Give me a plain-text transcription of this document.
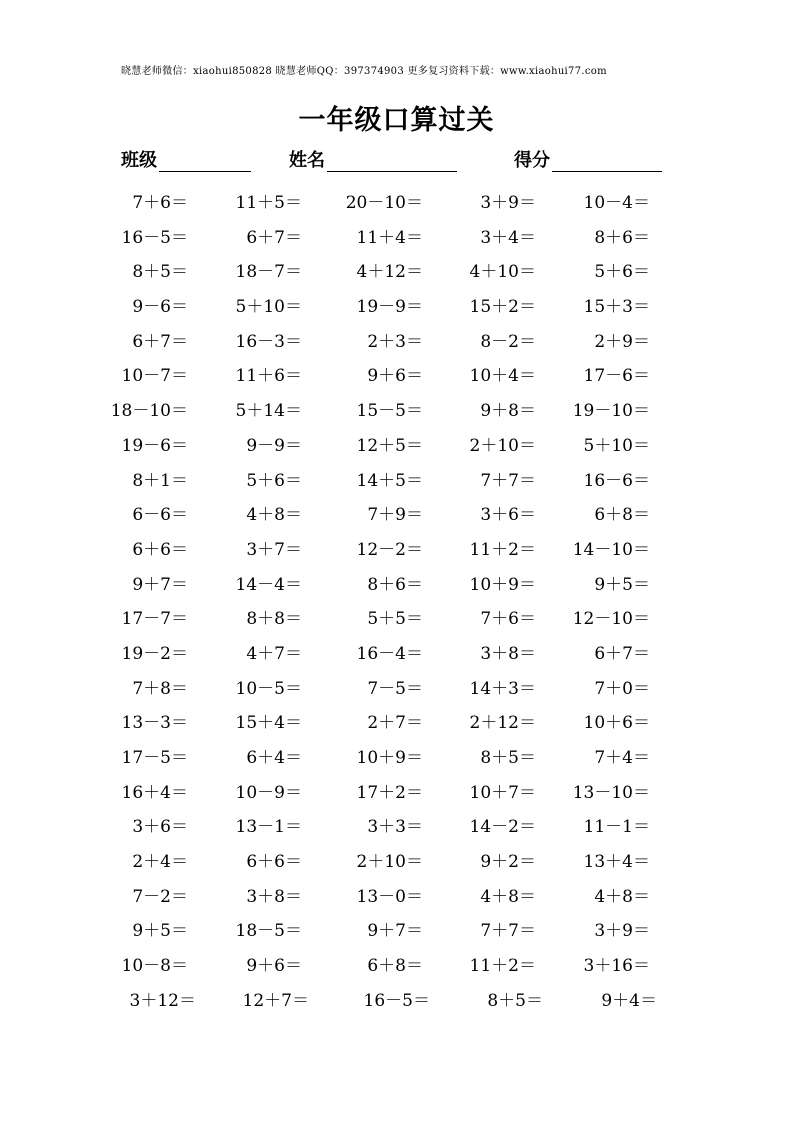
晓慧老师微信：xiaohui850828 晓慧老师QQ：397374903 更多复习资料下载：www.xiaohui77.com
一年级口算过关
班级	姓名	得分
7＋6＝	11＋5＝	20－10＝	3＋9＝	10－4＝
16－5＝	6＋7＝	11＋4＝	3＋4＝	8＋6＝
8＋5＝	18－7＝	4＋12＝	4＋10＝	5＋6＝
9－6＝	5＋10＝	19－9＝	15＋2＝	15＋3＝
6＋7＝	16－3＝	2＋3＝	8－2＝	2＋9＝
10－7＝	11＋6＝	9＋6＝	10＋4＝	17－6＝
18－10＝	5＋14＝	15－5＝	9＋8＝ 19－10＝
19－6＝	9－9＝	12＋5＝	2＋10＝	5＋10＝
8＋1＝	5＋6＝	14＋5＝	7＋7＝	16－6＝
6－6＝	4＋8＝	7＋9＝	3＋6＝	6＋8＝
6＋6＝	3＋7＝	12－2＝	11＋2＝ 14－10＝
9＋7＝	14－4＝	8＋6＝	10＋9＝	9＋5＝
17－7＝	8＋8＝	5＋5＝	7＋6＝ 12－10＝
19－2＝	4＋7＝	16－4＝	3＋8＝	6＋7＝
7＋8＝	10－5＝	7－5＝	14＋3＝	7＋0＝
13－3＝	15＋4＝	2＋7＝	2＋12＝	10＋6＝
17－5＝	6＋4＝	10＋9＝	8＋5＝	7＋4＝
16＋4＝	10－9＝	17＋2＝	10＋7＝ 13－10＝
3＋6＝	13－1＝	3＋3＝	14－2＝	11－1＝
2＋4＝	6＋6＝	2＋10＝	9＋2＝	13＋4＝
7－2＝	3＋8＝	13－0＝	4＋8＝	4＋8＝
9＋5＝	18－5＝	9＋7＝	7＋7＝	3＋9＝
10－8＝	9＋6＝	6＋8＝	11＋2＝	3＋16＝
3＋12＝	12＋7＝	16－5＝	8＋5＝	9＋4＝
